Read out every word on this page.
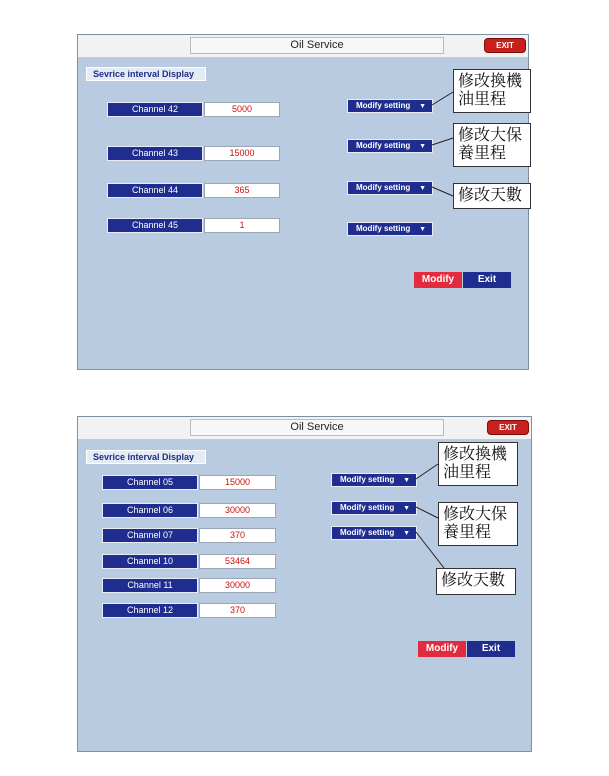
Oil Service	EXIT
Sevrice interval Display
Channel 42	5000
Channel 43	15000
Channel 44	365
Channel 45	1
Modify setting ▼
Modify setting ▼
Modify setting ▼
Modify setting ▼
Modify	Exit
修改換機
油里程
修改大保
養里程
修改天數
Oil Service	EXIT
Sevrice interval Display
Channel 05	15000
Channel 06	30000
Channel 07	370
Channel 10	53464
Channel 11	30000
Channel 12	370
Modify setting ▼
Modify setting ▼
Modify setting ▼
Modify	Exit
修改換機
油里程
修改大保
養里程
修改天數
